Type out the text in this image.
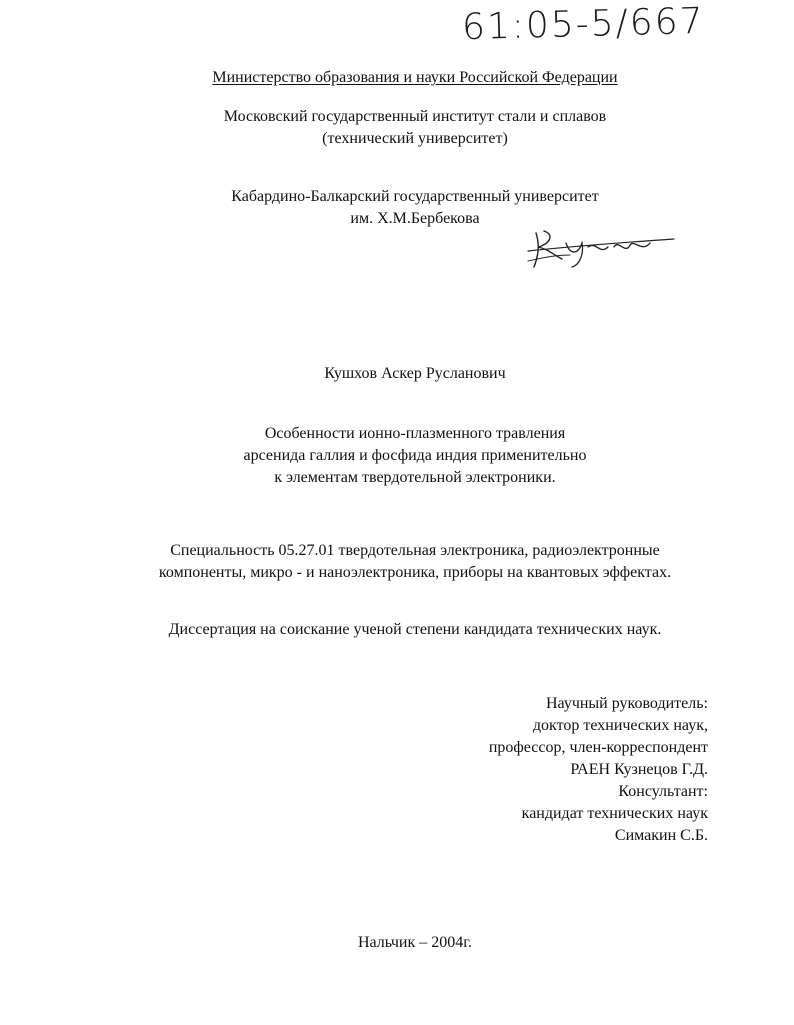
61:05-5/667
Министерство образования и науки Российской Федерации
Московский государственный институт стали и сплавов
(технический университет)
Кабардино-Балкарский государственный университет
им. Х.М.Бербекова
Кушхов Аскер Русланович
Особенности ионно-плазменного травления
арсенида галлия и фосфида индия применительно
к элементам твердотельной электроники.
Специальность 05.27.01 твердотельная электроника, радиоэлектронные
компоненты, микро - и наноэлектроника, приборы на квантовых эффектах.
Диссертация на соискание ученой степени кандидата технических наук.
Научный руководитель:
доктор технических наук,
профессор, член-корреспондент
РАЕН Кузнецов Г.Д.
Консультант:
кандидат технических наук
Симакин С.Б.
Нальчик – 2004г.
